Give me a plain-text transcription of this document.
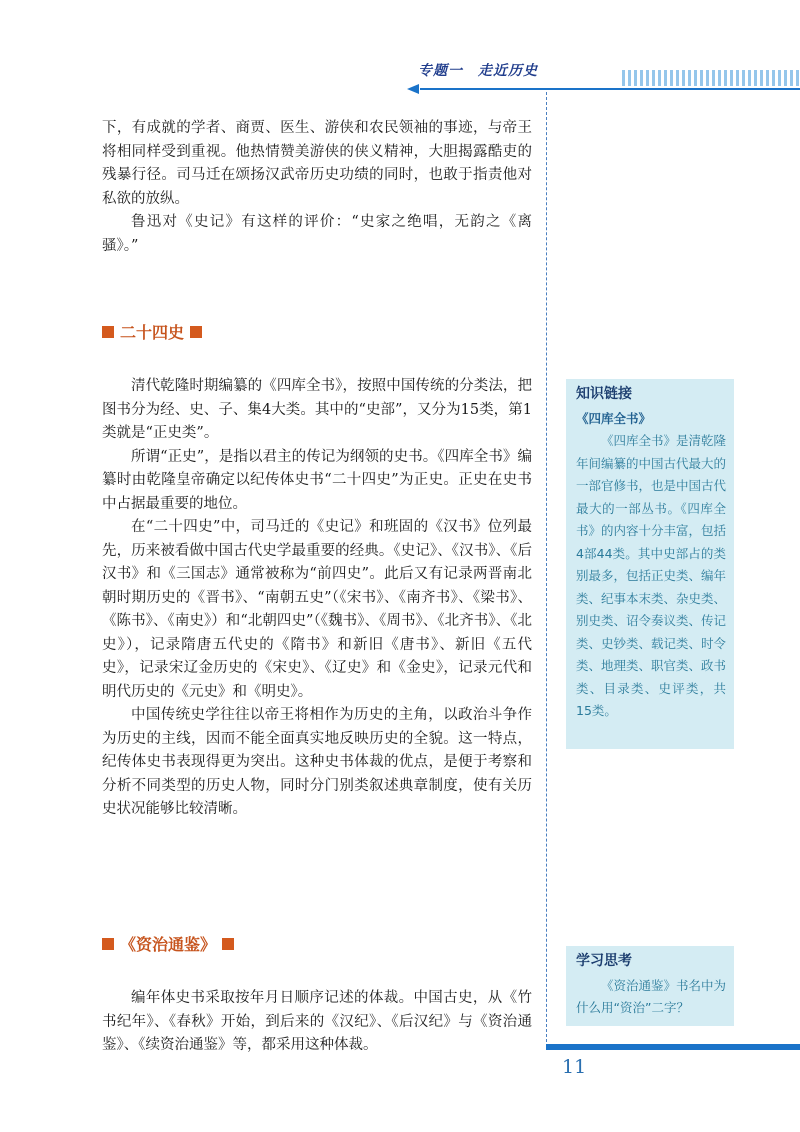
专题一　走近历史

下，有成就的学者、商贾、医生、游侠和农民领袖的事迹，与帝王将相同样受到重视。他热情赞美游侠的侠义精神，大胆揭露酷吏的残暴行径。司马迁在颂扬汉武帝历史功绩的同时，也敢于指责他对私欲的放纵。

鲁迅对《史记》有这样的评价：“史家之绝唱，无韵之《离骚》。”

二十四史

清代乾隆时期编纂的《四库全书》，按照中国传统的分类法，把图书分为经、史、子、集4大类。其中的“史部”，又分为15类，第1类就是“正史类”。

所谓“正史”，是指以君主的传记为纲领的史书。《四库全书》编纂时由乾隆皇帝确定以纪传体史书“二十四史”为正史。正史在史书中占据最重要的地位。

在“二十四史”中，司马迁的《史记》和班固的《汉书》位列最先，历来被看做中国古代史学最重要的经典。《史记》、《汉书》、《后汉书》和《三国志》通常被称为“前四史”。此后又有记录两晋南北朝时期历史的《晋书》、“南朝五史”（《宋书》、《南齐书》、《梁书》、《陈书》、《南史》）和“北朝四史”（《魏书》、《周书》、《北齐书》、《北史》），记录隋唐五代史的《隋书》和新旧《唐书》、新旧《五代史》，记录宋辽金历史的《宋史》、《辽史》和《金史》，记录元代和明代历史的《元史》和《明史》。

中国传统史学往往以帝王将相作为历史的主角，以政治斗争作为历史的主线，因而不能全面真实地反映历史的全貌。这一特点，纪传体史书表现得更为突出。这种史书体裁的优点，是便于考察和分析不同类型的历史人物，同时分门别类叙述典章制度，使有关历史状况能够比较清晰。

《资治通鉴》

编年体史书采取按年月日顺序记述的体裁。中国古史，从《竹书纪年》、《春秋》开始，到后来的《汉纪》、《后汉纪》与《资治通鉴》、《续资治通鉴》等，都采用这种体裁。

知识链接
《四库全书》

《四库全书》是清乾隆年间编纂的中国古代最大的一部官修书，也是中国古代最大的一部丛书。《四库全书》的内容十分丰富，包括4部44类。其中史部占的类别最多，包括正史类、编年类、纪事本末类、杂史类、别史类、诏令奏议类、传记类、史钞类、载记类、时令类、地理类、职官类、政书类、目录类、史评类，共15类。

学习思考

《资治通鉴》书名中为什么用“资治”二字？

11
